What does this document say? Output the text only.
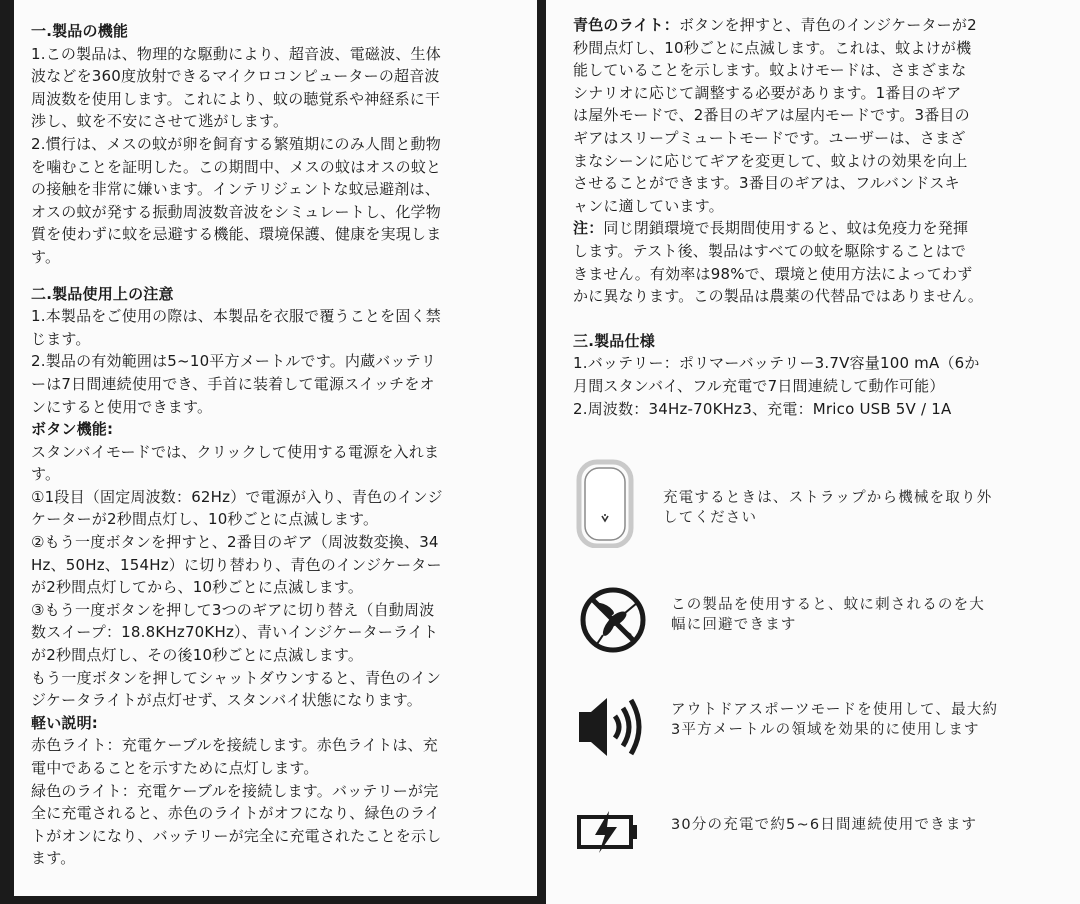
一.製品の機能
1.この製品は、物理的な駆動により、超音波、電磁波、生体
波などを360度放射できるマイクロコンピューターの超音波
周波数を使用します。これにより、蚊の聴覚系や神経系に干
渉し、蚊を不安にさせて逃がします。
2.慣行は、メスの蚊が卵を飼育する繁殖期にのみ人間と動物
を噛むことを証明した。この期間中、メスの蚊はオスの蚊と
の接触を非常に嫌います。インテリジェントな蚊忌避剤は、
オスの蚊が発する振動周波数音波をシミュレートし、化学物
質を使わずに蚊を忌避する機能、環境保護、健康を実現しま
す。
二.製品使用上の注意
1.本製品をご使用の際は、本製品を衣服で覆うことを固く禁
じます。
2.製品の有効範囲は5~10平方メートルです。内蔵バッテリ
ーは7日間連続使用でき、手首に装着して電源スイッチをオ
ンにすると使用できます。
ボタン機能:
スタンバイモードでは、クリックして使用する電源を入れま
す。
①1段目（固定周波数：62Hz）で電源が入り、青色のインジ
ケーターが2秒間点灯し、10秒ごとに点滅します。
②もう一度ボタンを押すと、2番目のギア（周波数変換、34
Hz、50Hz、154Hz）に切り替わり、青色のインジケーター
が2秒間点灯してから、10秒ごとに点滅します。
③もう一度ボタンを押して3つのギアに切り替え（自動周波
数スイープ：18.8KHz70KHz）、青いインジケーターライト
が2秒間点灯し、その後10秒ごとに点滅します。
もう一度ボタンを押してシャットダウンすると、青色のイン
ジケータライトが点灯せず、スタンバイ状態になります。
軽い説明:
赤色ライト：充電ケーブルを接続します。赤色ライトは、充
電中であることを示すために点灯します。
緑色のライト：充電ケーブルを接続します。バッテリーが完
全に充電されると、赤色のライトがオフになり、緑色のライ
トがオンになり、バッテリーが完全に充電されたことを示し
ます。
青色のライト：ボタンを押すと、青色のインジケーターが2
秒間点灯し、10秒ごとに点滅します。これは、蚊よけが機
能していることを示します。蚊よけモードは、さまざまな
シナリオに応じて調整する必要があります。1番目のギア
は屋外モードで、2番目のギアは屋内モードです。3番目の
ギアはスリープミュートモードです。ユーザーは、さまざ
まなシーンに応じてギアを変更して、蚊よけの効果を向上
させることができます。3番目のギアは、フルバンドスキ
ャンに適しています。
注：同じ閉鎖環境で長期間使用すると、蚊は免疫力を発揮
します。テスト後、製品はすべての蚊を駆除することはで
きません。有効率は98%で、環境と使用方法によってわず
かに異なります。この製品は農薬の代替品ではありません。
三.製品仕様
1.バッテリー：ポリマーバッテリー3.7V容量100 mA（6か
月間スタンバイ、フル充電で7日間連続して動作可能）
2.周波数：34Hz-70KHz3、充電：Mrico USB 5V / 1A
充電するときは、ストラップから機械を取り外
してください
この製品を使用すると、蚊に刺されるのを大
幅に回避できます
アウトドアスポーツモードを使用して、最大約
3平方メートルの領域を効果的に使用します
30分の充電で約5~6日間連続使用できます
